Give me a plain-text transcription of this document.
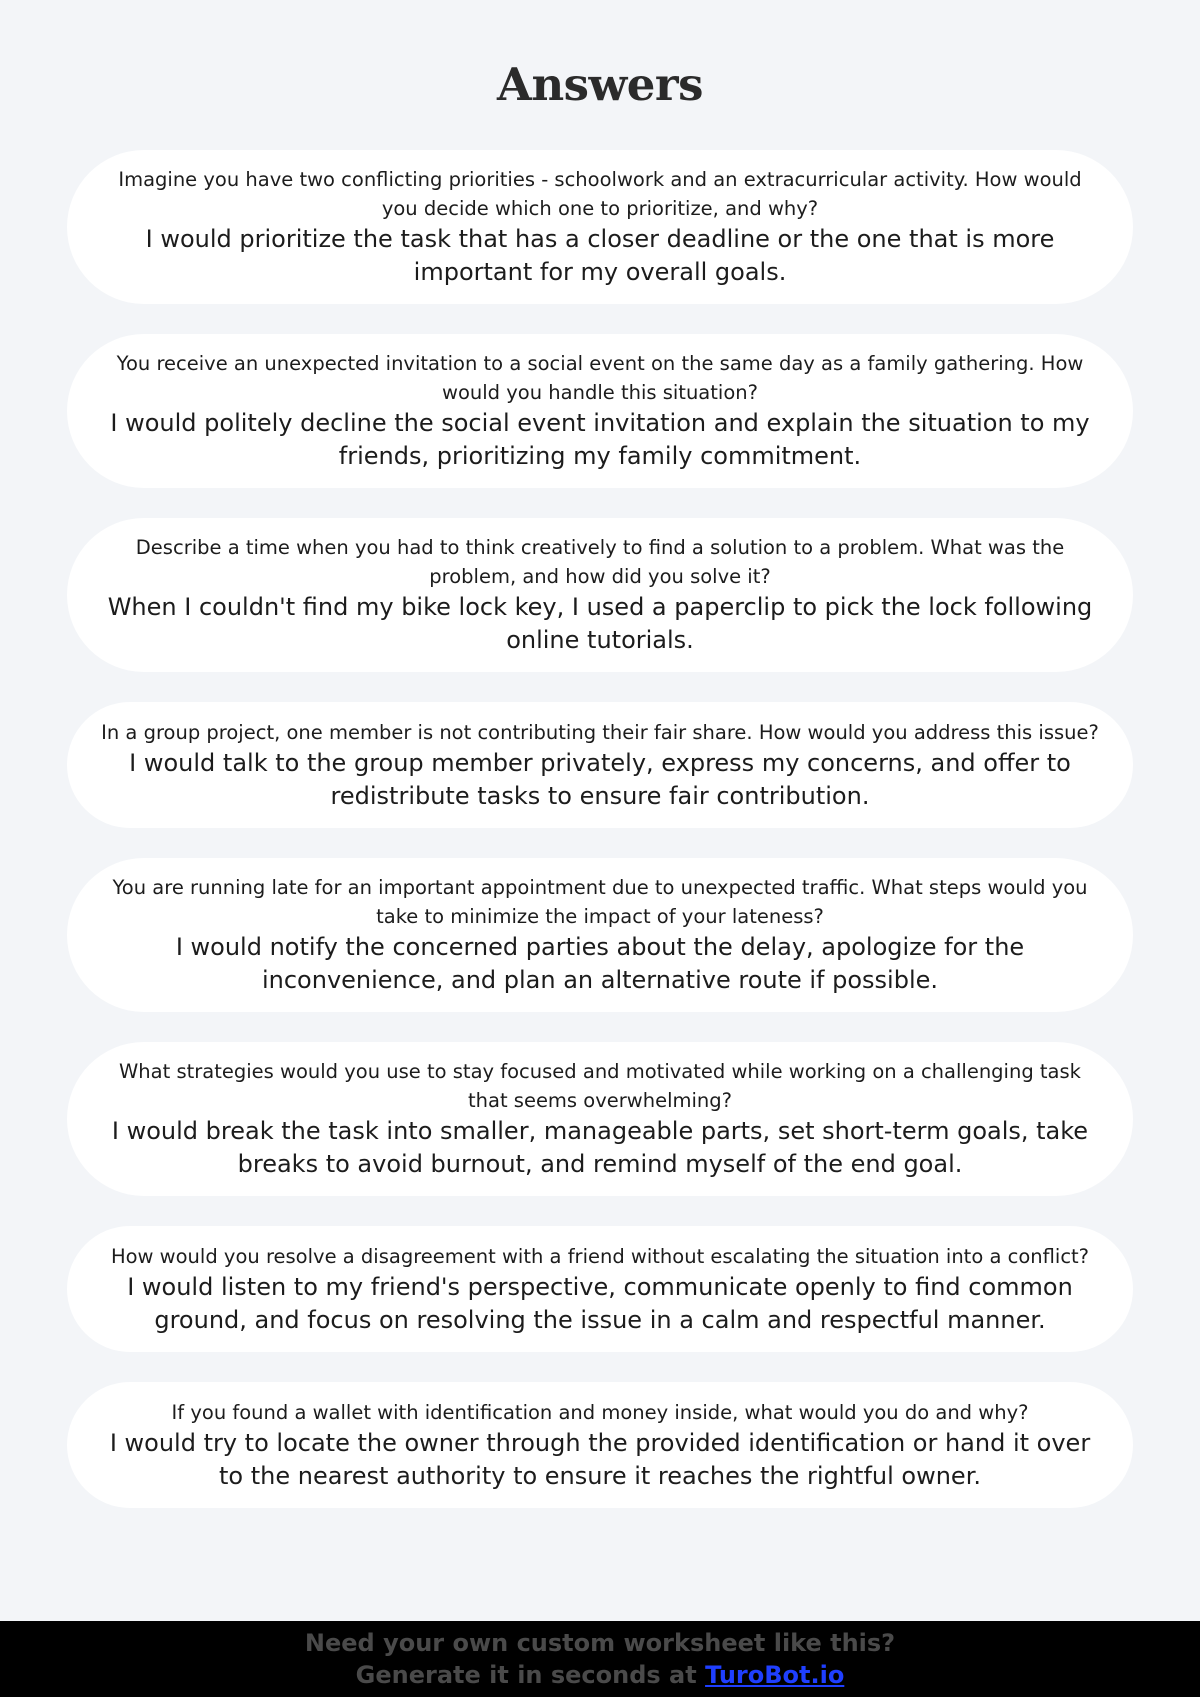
Answers
Imagine you have two conflicting priorities - schoolwork and an extracurricular activity. How would you decide which one to prioritize, and why?
I would prioritize the task that has a closer deadline or the one that is more important for my overall goals.
You receive an unexpected invitation to a social event on the same day as a family gathering. How would you handle this situation?
I would politely decline the social event invitation and explain the situation to my friends, prioritizing my family commitment.
Describe a time when you had to think creatively to find a solution to a problem. What was the problem, and how did you solve it?
When I couldn't find my bike lock key, I used a paperclip to pick the lock following online tutorials.
In a group project, one member is not contributing their fair share. How would you address this issue?
I would talk to the group member privately, express my concerns, and offer to redistribute tasks to ensure fair contribution.
You are running late for an important appointment due to unexpected traffic. What steps would you take to minimize the impact of your lateness?
I would notify the concerned parties about the delay, apologize for the inconvenience, and plan an alternative route if possible.
What strategies would you use to stay focused and motivated while working on a challenging task that seems overwhelming?
I would break the task into smaller, manageable parts, set short-term goals, take breaks to avoid burnout, and remind myself of the end goal.
How would you resolve a disagreement with a friend without escalating the situation into a conflict?
I would listen to my friend's perspective, communicate openly to find common ground, and focus on resolving the issue in a calm and respectful manner.
If you found a wallet with identification and money inside, what would you do and why?
I would try to locate the owner through the provided identification or hand it over to the nearest authority to ensure it reaches the rightful owner.
Need your own custom worksheet like this?
Generate it in seconds at TuroBot.io
